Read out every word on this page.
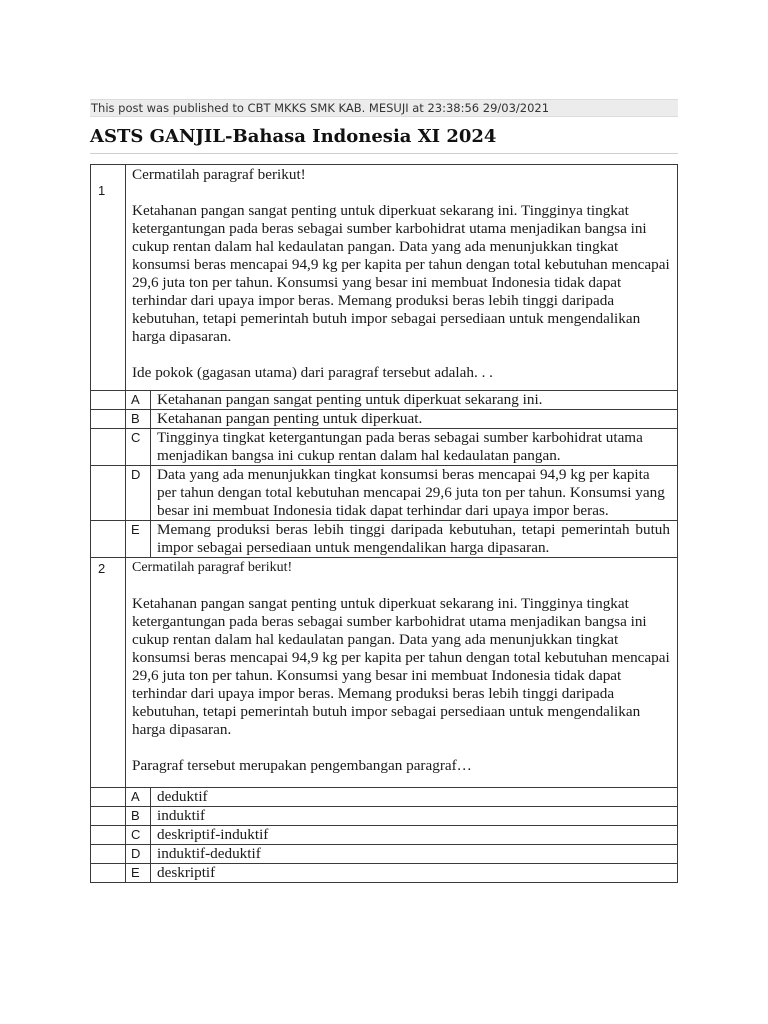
This post was published to CBT MKKS SMK KAB. MESUJI at 23:38:56 29/03/2021
ASTS GANJIL-Bahasa Indonesia XI 2024
1	Cermatilah paragraf berikut!

Ketahanan pangan sangat penting untuk diperkuat sekarang ini. Tingginya tingkat ketergantungan pada beras sebagai sumber karbohidrat utama menjadikan bangsa ini cukup rentan dalam hal kedaulatan pangan. Data yang ada menunjukkan tingkat konsumsi beras mencapai 94,9 kg per kapita per tahun dengan total kebutuhan mencapai 29,6 juta ton per tahun. Konsumsi yang besar ini membuat Indonesia tidak dapat terhindar dari upaya impor beras. Memang produksi beras lebih tinggi daripada kebutuhan, tetapi pemerintah butuh impor sebagai persediaan untuk mengendalikan harga dipasaran.

Ide pokok (gagasan utama) dari paragraf tersebut adalah. . .	

	A	Ketahanan pangan sangat penting untuk diperkuat sekarang ini.
	B	Ketahanan pangan penting untuk diperkuat.
	C	Tingginya tingkat ketergantungan pada beras sebagai sumber karbohidrat utama menjadikan bangsa ini cukup rentan dalam hal kedaulatan pangan.
	D	Data yang ada menunjukkan tingkat konsumsi beras mencapai 94,9 kg per kapita per tahun dengan total kebutuhan mencapai 29,6 juta ton per tahun. Konsumsi yang besar ini membuat Indonesia tidak dapat terhindar dari upaya impor beras.
	E	Memang produksi beras lebih tinggi daripada kebutuhan, tetapi pemerintah butuh impor sebagai persediaan untuk mengendalikan harga dipasaran.
2	Cermatilah paragraf berikut!

Ketahanan pangan sangat penting untuk diperkuat sekarang ini. Tingginya tingkat ketergantungan pada beras sebagai sumber karbohidrat utama menjadikan bangsa ini cukup rentan dalam hal kedaulatan pangan. Data yang ada menunjukkan tingkat konsumsi beras mencapai 94,9 kg per kapita per tahun dengan total kebutuhan mencapai 29,6 juta ton per tahun. Konsumsi yang besar ini membuat Indonesia tidak dapat terhindar dari upaya impor beras. Memang produksi beras lebih tinggi daripada kebutuhan, tetapi pemerintah butuh impor sebagai persediaan untuk mengendalikan harga dipasaran.

Paragraf tersebut merupakan pengembangan paragraf…	

	A	deduktif
	B	induktif
	C	deskriptif-induktif
	D	induktif-deduktif
	E	deskriptif
